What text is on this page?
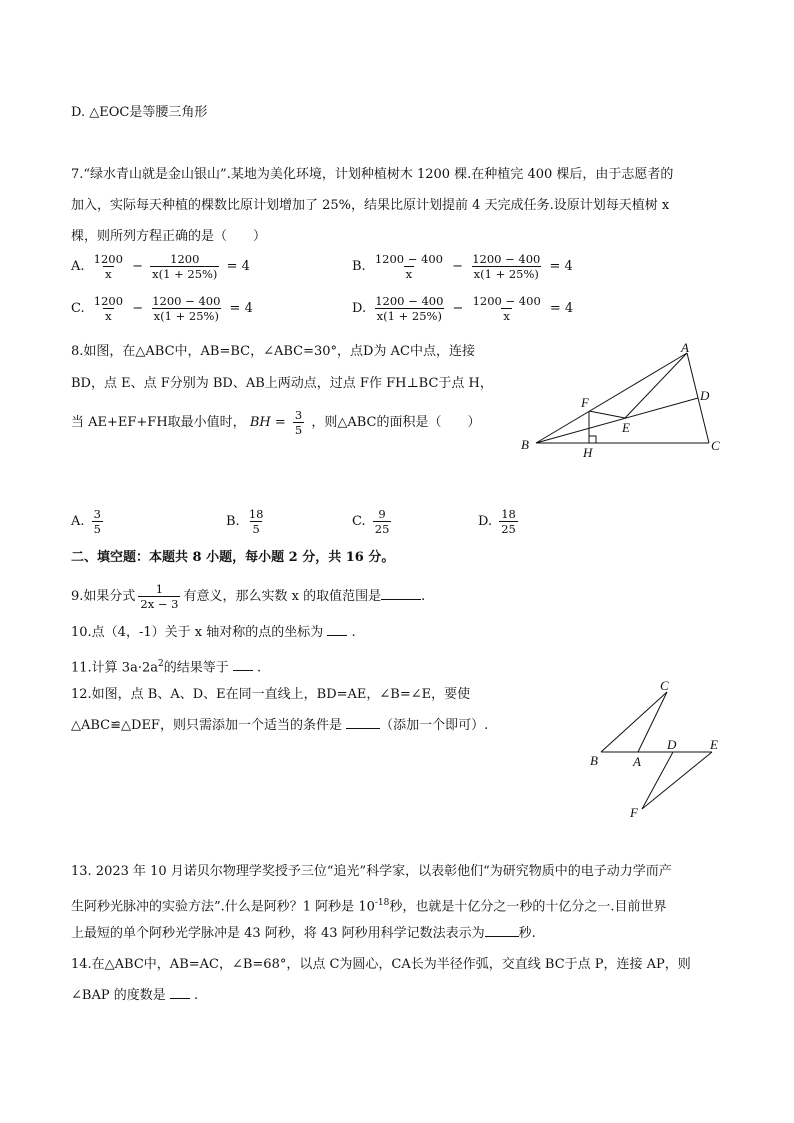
D. △EOC是等腰三角形
7.“绿水青山就是金山银山”.某地为美化环境，计划种植树木 1200 棵.在种植完 400 棵后，由于志愿者的
加入，实际每天种植的棵数比原计划增加了 25%，结果比原计划提前 4 天完成任务.设原计划每天植树 x
棵，则所列方程正确的是（　　）
A. $\frac{1200}{x} - \frac{1200}{x(1 + 25\%)} = 4$	B. $\frac{1200 - 400}{x} - \frac{1200 - 400}{x(1 + 25\%)} = 4$
C. $\frac{1200}{x} - \frac{1200 - 400}{x(1 + 25\%)} = 4$	D. $\frac{1200 - 400}{x(1 + 25\%)} - \frac{1200 - 400}{x} = 4$
8.如图，在△ABC中，AB=BC，∠ABC=30°，点D为 AC中点，连接
BD，点 E、点 F分别为 BD、AB上两动点，过点 F作 FH⊥BC于点 H，
当 AE+EF+FH取最小值时， BH = $\frac{3}{5}$ ，则△ABC的面积是（　　）
A
B	C
D
E
F
H
A. $\frac{3}{5}$	B. $\frac{18}{5}$	C. $\frac{9}{25}$	D. $\frac{18}{25}$
二、填空题：本题共 8 小题，每小题 2 分，共 16 分。
9.如果分式 $\frac{1}{2x - 3}$ 有意义，那么实数 x 的取值范围是	.
10.点（4，-1）关于 x 轴对称的点的坐标为 .
11.计算 $3a\cdot 2a^2$的结果等于 .
12.如图，点 B、A、D、E在同一直线上，BD=AE，∠B=∠E，要使
△ABC≌△DEF，则只需添加一个适当的条件是	（添加一个即可）.
C
B	A
D	E
F
13. 2023 年 10 月诺贝尔物理学奖授予三位“追光”科学家，以表彰他们“为研究物质中的电子动力学而产
生阿秒光脉冲的实验方法”.什么是阿秒？1 阿秒是 $10^{-18}$秒，也就是十亿分之一秒的十亿分之一.目前世界
上最短的单个阿秒光学脉冲是 43 阿秒，将 43 阿秒用科学记数法表示为	秒.
14.在△ABC中，AB=AC，∠B=68°，以点 C为圆心，CA长为半径作弧，交直线 BC于点 P，连接 AP，则
∠BAP 的度数是 .
